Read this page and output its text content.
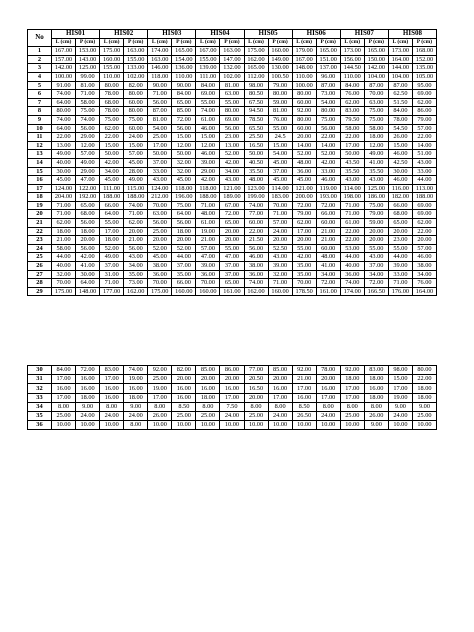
No	HIS01		HIS02		HIS03		HIS04		HIS05		HIS06		HIS07		HIS08	
	L (cm)	P (cm)	L (cm)	P (cm)	L (cm)	P (cm)	L (cm)	P (cm)	L (cm)	P (cm)	L (cm)	P (cm)	L (cm)	P (cm)	L (cm)	P (cm)
1	167.00	153.00	175.00	163.00	174.00	165.00	167.00	163.00	175.00	160.00	179.00	165.00	173.00	165.00	173.00	168.00
2	157.00	143.00	160.00	155.00	163.00	154.00	155.00	147.00	162.00	149.00	167.00	151.00	156.00	150.00	164.00	152.00
3	142.00	125.00	155.00	133.00	146.00	136.00	139.00	132.00	165.00	130.00	148.00	137.00	144.50	142.00	144.00	135.00
4	100.00	99.00	110.00	102.00	118.00	110.00	111.00	102.00	112.00	100.50	110.00	96.00	110.00	104.00	104.00	105.00
5	91.00	81.00	80.00	82.00	90.00	90.00	84.00	81.00	98.00	79.00	100.00	87.00	84.00	87.00	87.00	95.00
6	74.00	71.00	78.00	80.00	71.00	84.00	69.00	63.00	80.50	80.00	80.00	73.00	76.00	70.00	62.50	69.00
7	64.00	58.00	68.00	60.00	56.00	65.00	55.00	55.00	67.50	59.00	60.00	54.00	62.00	63.00	51.50	62.00
8	80.00	75.00	78.00	80.00	87.00	85.00	74.00	80.00	94.50	81.00	92.00	80.00	83.00	75.00	84.00	86.00
9	74.00	74.00	75.00	75.00	81.00	72.00	61.00	69.00	78.50	76.00	80.00	75.00	79.50	75.00	78.00	79.00
10	64.00	56.00	62.00	60.00	54.00	56.00	46.00	56.00	65.50	55.00	60.00	56.00	58.00	58.00	54.50	57.00
11	22.00	29.00	22.00	24.00	25.00	15.00	15.00	23.00	25.50	24.5	20.00	22.00	22.00	18.00	26.00	22.00
12	13.00	12.00	15.00	15.00	17.00	12.00	12.00	13.00	16.50	15.00	14.00	14.00	17.00	12.00	15.00	14.00
13	49.00	57.00	50.00	57.00	50.00	50.00	46.00	52.00	50.00	54.00	52.00	52.00	50.00	49.00	46.00	51.00
14	40.00	49.00	42.00	45.00	37.00	32.00	39.00	42.00	40.50	45.00	48.00	42.00	43.50	41.00	42.50	43.00
15	30.00	29.00	34.00	28.00	33.00	32.00	29.00	34.00	35.50	37.00	36.00	33.00	35.50	35.50	30.00	33.00
16	45.00	47.00	45.00	49.00	43.00	45.00	42.00	43.00	48.00	45.00	45.00	46.00	43.00	43.00	46.00	44.00
17	124.00	122.00	111.00	115.00	124.00	118.00	118.00	121.00	123.00	114.00	121.00	119.00	114.00	125.00	116.00	113.00
18	204.00	192.00	188.00	188.00	212.00	196.00	188.00	189.00	199.00	183.00	200.00	193.00	198.00	186.00	182.00	188.00
19	71.00	65.00	66.00	74.00	70.00	75.00	71.00	67.00	74.00	70.00	72.00	72.00	71.00	75.00	66.00	69.00
20	71.00	68.00	64.00	71.00	63.00	64.00	48.00	72.00	77.00	71.00	79.00	66.00	71.00	79.00	68.00	69.00
21	62.00	56.00	55.00	62.00	56.00	56.00	61.00	65.00	60.00	57.00	62.00	60.00	61.00	59.00	65.00	62.00
22	18.00	18.00	17.00	20.00	25.00	18.00	19.00	20.00	22.00	24.00	17.00	21.00	22.00	20.00	20.00	22.00
23	21.00	20.00	18.00	21.00	20.00	20.00	21.00	20.00	21.50	20.00	20.00	21.00	22.00	20.00	23.00	20.00
24	58.00	56.00	52.00	56.00	52.00	52.00	57.00	55.00	56.00	52.50	55.00	60.00	53.00	55.00	55.00	57.00
25	44.00	42.00	49.00	43.00	45.00	44.00	47.00	47.00	46.00	43.00	42.00	48.00	44.00	43.00	44.00	46.00
26	40.00	41.00	37.00	34.00	38.00	37.00	39.00	37.00	38.00	39.00	35.00	41.00	40.00	37.00	39.00	38.00
27	32.00	30.00	31.00	35.00	36.00	35.00	36.00	37.00	36.00	32.00	35.00	34.00	36.00	34.00	33.00	34.00
28	70.00	64.00	71.00	73.00	70.00	66.00	70.00	65.00	74.00	71.00	70.00	72.00	74.00	72.00	71.00	76.00
29	175.00	148.00	177.00	162.00	175.00	160.00	160.00	161.00	162.00	160.00	178.50	161.00	174.00	166.50	176.00	164.00
30	84.00	72.00	83.00	74.00	92.00	82.00	85.00	86.00	77.00	85.00	92.00	78.00	92.00	83.00	98.00	80.00
31	17.00	16.00	17.00	19.00	25.00	20.00	20.00	20.00	20.50	20.00	21.00	20.00	18.00	18.00	15.00	22.00
32	16.00	16.00	16.00	16.00	19.00	16.00	16.00	16.00	16.50	16.00	17.00	16.00	17.00	16.00	17.00	18.00
33	17.00	18.00	16.00	18.00	17.00	16.00	18.00	17.00	20.00	17.00	16.00	17.00	17.00	18.00	19.00	18.00
34	8.00	9.00	8.00	9.00	8.00	8.50	8.00	7.50	8.00	8.00	8.50	8.00	8.00	8.00	9.00	9.00
35	25.00	24.00	24.00	24.00	26.00	25.00	25.00	24.00	25.00	24.00	26.50	24.00	25.00	26.00	24.00	25.00
36	10.00	10.00	10.00	8.00	10.00	10.00	10.00	10.00	10.00	10.00	10.00	10.00	10.00	9.00	10.00	10.00
